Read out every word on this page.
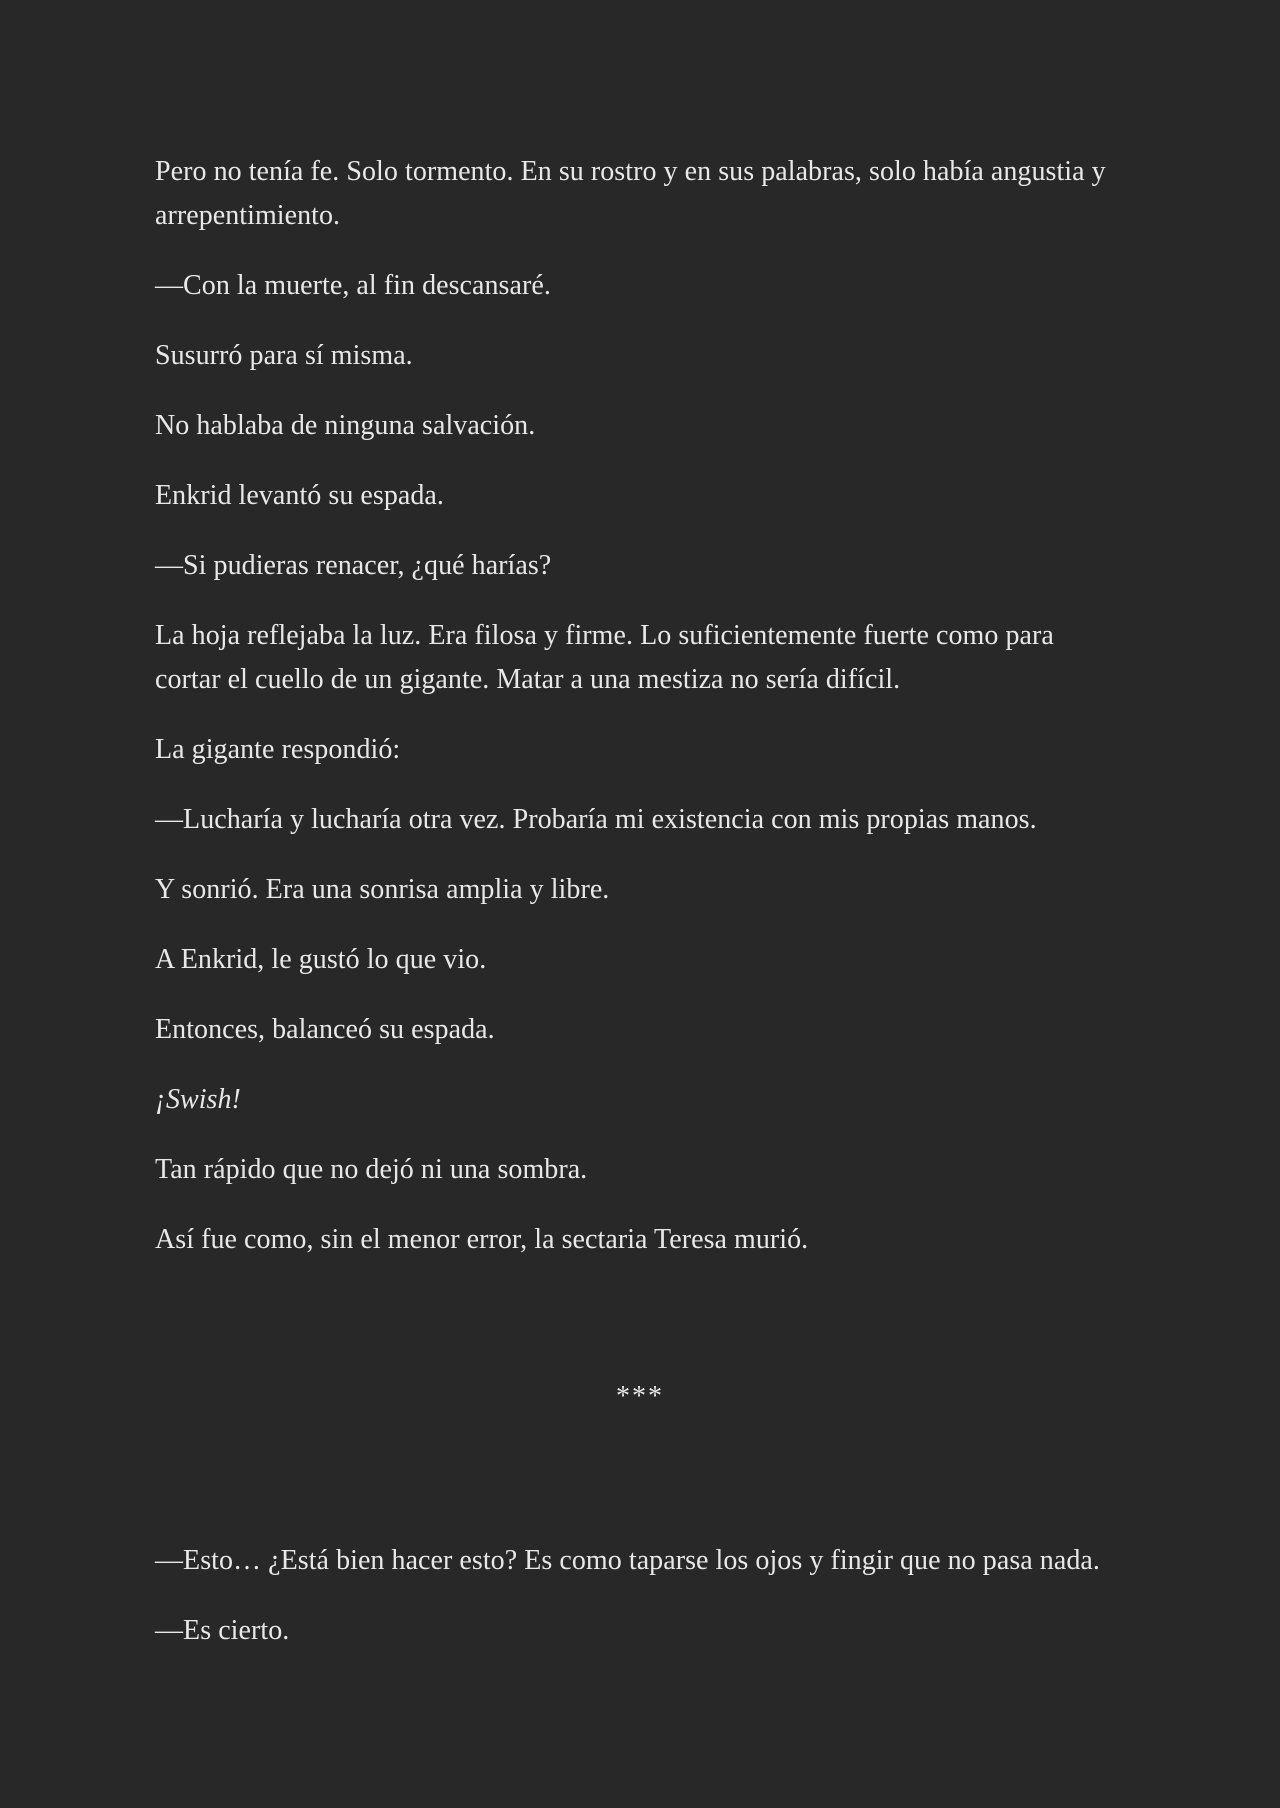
Pero no tenía fe. Solo tormento. En su rostro y en sus palabras, solo había angustia y arrepentimiento.

—Con la muerte, al fin descansaré.

Susurró para sí misma.

No hablaba de ninguna salvación.

Enkrid levantó su espada.

—Si pudieras renacer, ¿qué harías?

La hoja reflejaba la luz. Era filosa y firme. Lo suficientemente fuerte como para cortar el cuello de un gigante. Matar a una mestiza no sería difícil.

La gigante respondió:

—Lucharía y lucharía otra vez. Probaría mi existencia con mis propias manos.

Y sonrió. Era una sonrisa amplia y libre.

A Enkrid, le gustó lo que vio.

Entonces, balanceó su espada.

¡Swish!

Tan rápido que no dejó ni una sombra.

Así fue como, sin el menor error, la sectaria Teresa murió.

***

—Esto… ¿Está bien hacer esto? Es como taparse los ojos y fingir que no pasa nada.

—Es cierto.
